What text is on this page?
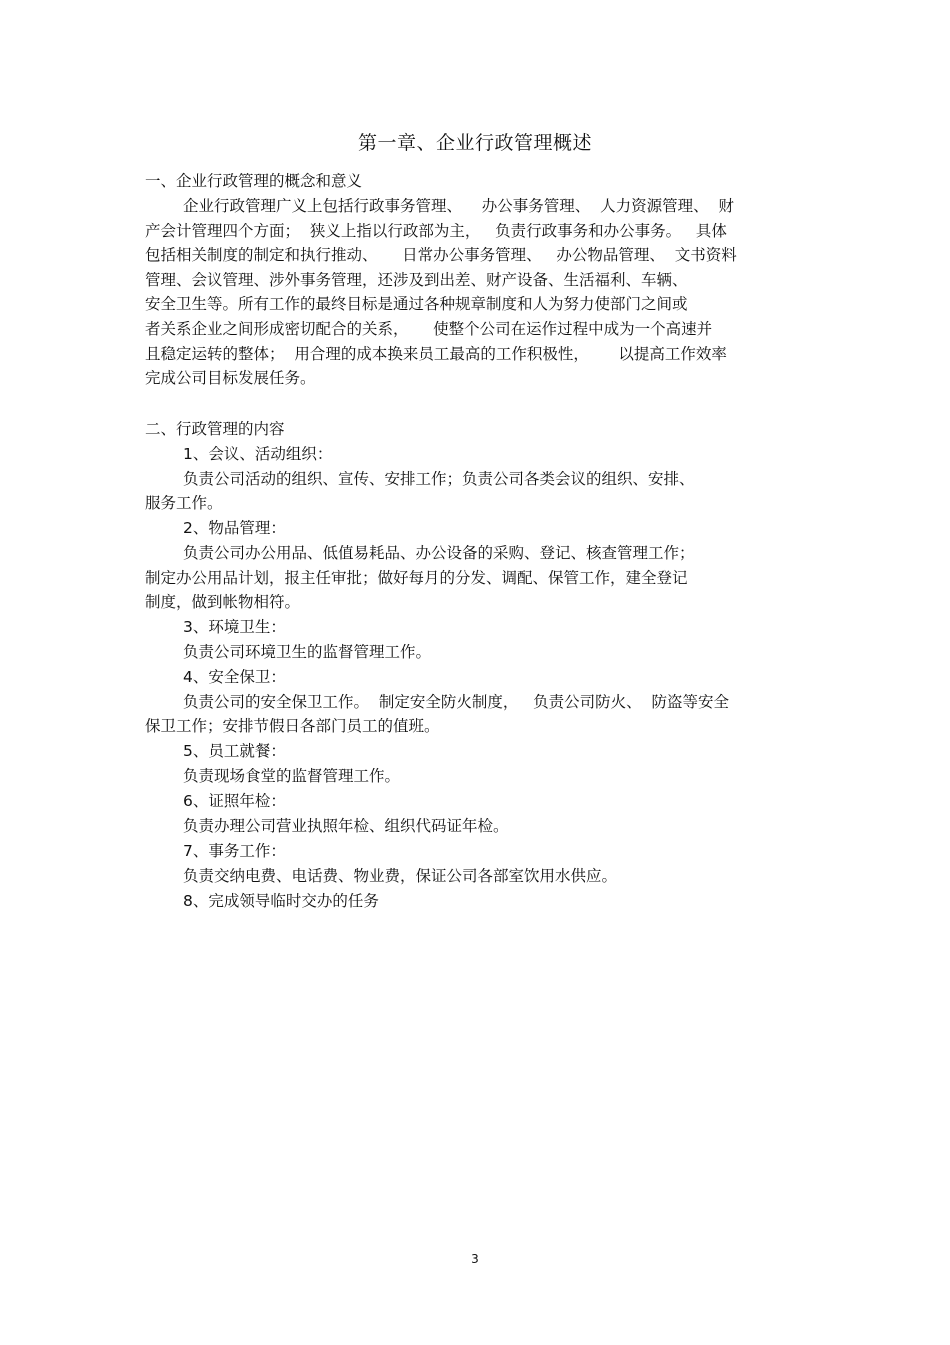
第一章、企业行政管理概述
一、企业行政管理的概念和意义
企业行政管理广义上包括行政事务管理、    办公事务管理、  人力资源管理、  财
产会计管理四个方面；  狭义上指以行政部为主，   负责行政事务和办公事务。   具体
包括相关制度的制定和执行推动、     日常办公事务管理、   办公物品管理、  文书资料
管理、会议管理、涉外事务管理，还涉及到出差、财产设备、生活福利、车辆、
安全卫生等。所有工作的最终目标是通过各种规章制度和人为努力使部门之间或
者关系企业之间形成密切配合的关系，     使整个公司在运作过程中成为一个高速并
且稳定运转的整体；  用合理的成本换来员工最高的工作积极性，      以提高工作效率
完成公司目标发展任务。
二、行政管理的内容
1、会议、活动组织：
负责公司活动的组织、宣传、安排工作；负责公司各类会议的组织、安排、
服务工作。
2、物品管理：
负责公司办公用品、低值易耗品、办公设备的采购、登记、核查管理工作；
制定办公用品计划，报主任审批；做好每月的分发、调配、保管工作，建全登记
制度，做到帐物相符。
3、环境卫生：
负责公司环境卫生的监督管理工作。
4、安全保卫：
负责公司的安全保卫工作。  制定安全防火制度，   负责公司防火、  防盗等安全
保卫工作；安排节假日各部门员工的值班。
5、员工就餐：
负责现场食堂的监督管理工作。
6、证照年检：
负责办理公司营业执照年检、组织代码证年检。
7、事务工作：
负责交纳电费、电话费、物业费，保证公司各部室饮用水供应。
8、完成领导临时交办的任务
3
